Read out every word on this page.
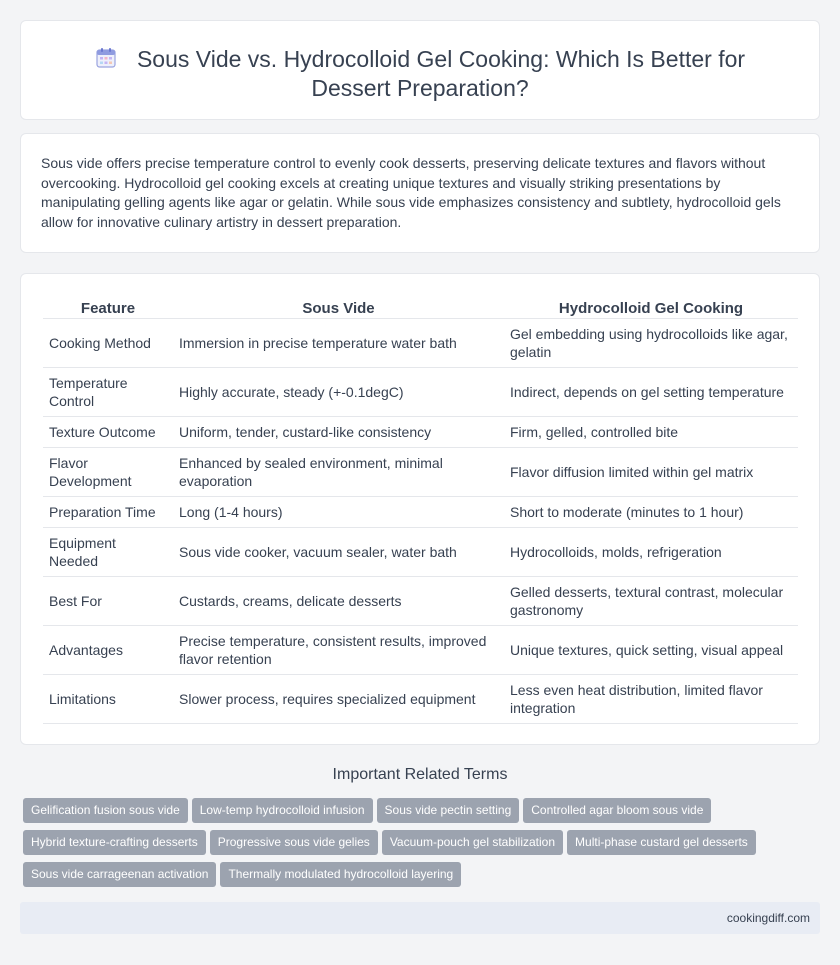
Sous Vide vs. Hydrocolloid Gel Cooking: Which Is Better for
Dessert Preparation?

Sous vide offers precise temperature control to evenly cook desserts, preserving delicate textures and flavors without overcooking. Hydrocolloid gel cooking excels at creating unique textures and visually striking presentations by manipulating gelling agents like agar or gelatin. While sous vide emphasizes consistency and subtlety, hydrocolloid gels allow for innovative culinary artistry in dessert preparation.

Feature	Sous Vide	Hydrocolloid Gel Cooking
Cooking Method	Immersion in precise temperature water bath	Gel embedding using hydrocolloids like agar, gelatin
Temperature Control	Highly accurate, steady (+-0.1degC)	Indirect, depends on gel setting temperature
Texture Outcome	Uniform, tender, custard-like consistency	Firm, gelled, controlled bite
Flavor Development	Enhanced by sealed environment, minimal evaporation	Flavor diffusion limited within gel matrix
Preparation Time	Long (1-4 hours)	Short to moderate (minutes to 1 hour)
Equipment Needed	Sous vide cooker, vacuum sealer, water bath	Hydrocolloids, molds, refrigeration
Best For	Custards, creams, delicate desserts	Gelled desserts, textural contrast, molecular gastronomy
Advantages	Precise temperature, consistent results, improved flavor retention	Unique textures, quick setting, visual appeal
Limitations	Slower process, requires specialized equipment	Less even heat distribution, limited flavor integration
Important Related Terms
Gelification fusion sous vide Low-temp hydrocolloid infusion Sous vide pectin setting Controlled agar bloom sous videHybrid texture-crafting desserts Progressive sous vide gelies Vacuum-pouch gel stabilization Multi-phase custard gel dessertsSous vide carrageenan activation Thermally modulated hydrocolloid layering
cookingdiff.com
